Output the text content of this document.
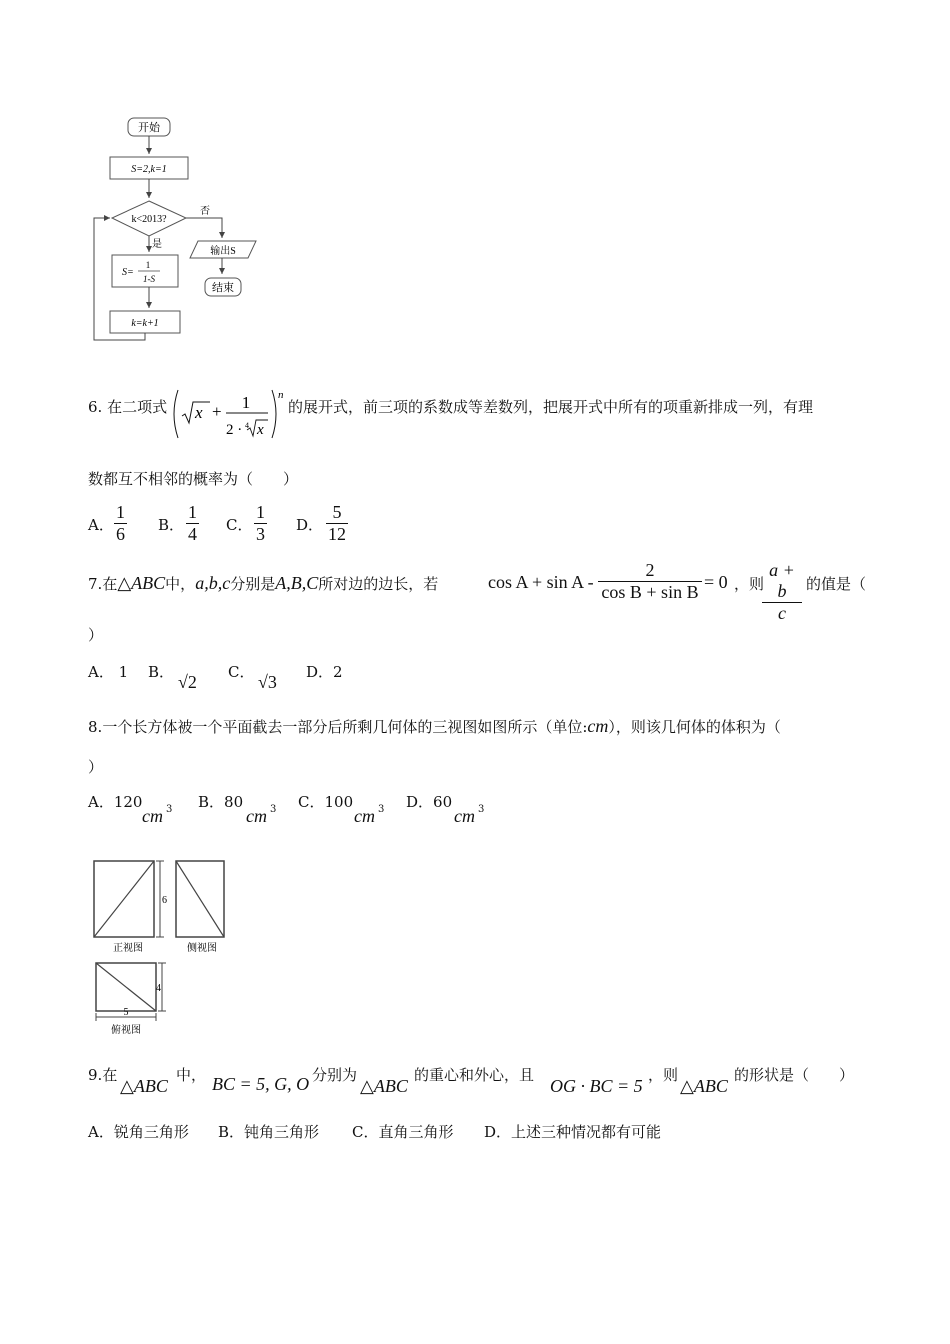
开始
S=2,k=1
k<2013?
否
输出S
结束
是
S=
1
1-S
k=k+1
6. 在二项式 x + 1
2 · 4 x
n
的展开式，前三项的系数成等差数列，把展开式中所有的项重新排成一列，有理
数都互不相邻的概率为（　　）
A． $\frac{1}{6}$ B． $\frac{1}{4}$ C． $\frac{1}{3}$ D． $\frac{5}{12}$
7.在△ABC中，a,b,c分别是A,B,C所对边的边长，若	$\cos A + \sin A - \frac{2}{\text{cos B + sin B}} = 0$ ，则
$\frac{a + b}{c}$ 的值是（
）
A． 1 B． √2 C． √3 D．2
8.一个长方体被一个平面截去一部分后所剩几何体的三视图如图所示（单位:cm），则该几何体的体积为（
）
A．120
cm 3 B．80
cm 3 C．100
cm 3 D．60
cm 3
6
正视图	侧视图
4
5
俯视图
9.在
△ABC
中， BC = 5, G, O 分别为
△ABC
的重心和外心，且
OG · BC = 5
，则
△ABC
的形状是（　　）
A．锐角三角形 B．钝角三角形 C．直角三角形 D．上述三种情况都有可能
